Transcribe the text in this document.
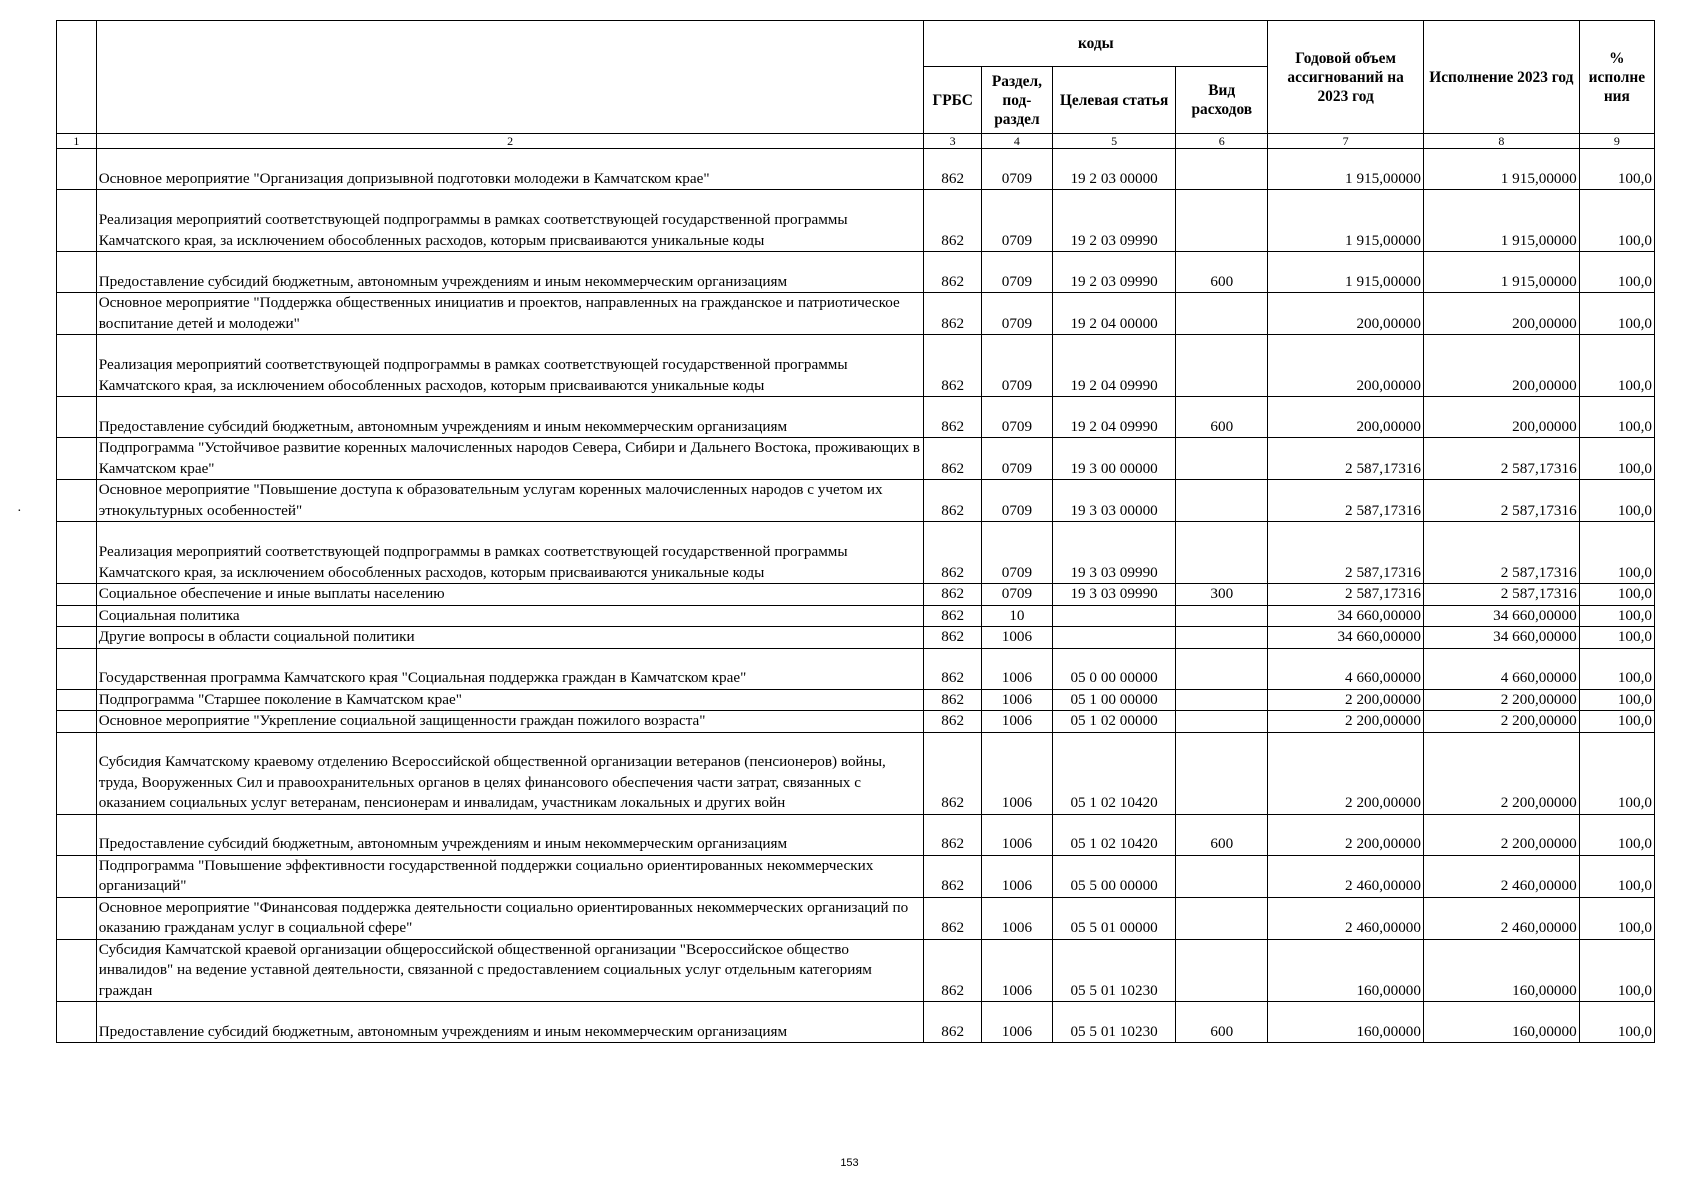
		коды				Годовой объем ассигнований на 2023 год	Исполнение 2023 год	% исполне ния
		ГРБС	Раздел, под-раздел	Целевая статья	Вид расходов			
1	2	3	4	5	6	7	8	9
	Основное мероприятие "Организация допризывной подготовки молодежи в Камчатском крае"	862	0709	19 2 03 00000		1 915,00000	1 915,00000	100,0
	Реализация мероприятий соответствующей подпрограммы в рамках соответствующей государственной программы Камчатского края, за исключением обособленных расходов, которым присваиваются уникальные коды	862	0709	19 2 03 09990		1 915,00000	1 915,00000	100,0
	Предоставление субсидий бюджетным, автономным учреждениям и иным некоммерческим организациям	862	0709	19 2 03 09990	600	1 915,00000	1 915,00000	100,0
	Основное мероприятие "Поддержка общественных инициатив и проектов, направленных на гражданское и патриотическое воспитание детей и молодежи"	862	0709	19 2 04 00000		200,00000	200,00000	100,0
	Реализация мероприятий соответствующей подпрограммы в рамках соответствующей государственной программы Камчатского края, за исключением обособленных расходов, которым присваиваются уникальные коды	862	0709	19 2 04 09990		200,00000	200,00000	100,0
	Предоставление субсидий бюджетным, автономным учреждениям и иным некоммерческим организациям	862	0709	19 2 04 09990	600	200,00000	200,00000	100,0
	Подпрограмма "Устойчивое развитие коренных малочисленных народов Севера, Сибири и Дальнего Востока, проживающих в Камчатском крае"	862	0709	19 3 00 00000		2 587,17316	2 587,17316	100,0
	Основное мероприятие "Повышение доступа к образовательным услугам коренных малочисленных народов с учетом их этнокультурных особенностей"	862	0709	19 3 03 00000		2 587,17316	2 587,17316	100,0
	Реализация мероприятий соответствующей подпрограммы в рамках соответствующей государственной программы Камчатского края, за исключением обособленных расходов, которым присваиваются уникальные коды	862	0709	19 3 03 09990		2 587,17316	2 587,17316	100,0
	Социальное обеспечение и иные выплаты населению	862	0709	19 3 03 09990	300	2 587,17316	2 587,17316	100,0
	Социальная политика	862	10			34 660,00000	34 660,00000	100,0
	Другие вопросы в области социальной политики	862	1006			34 660,00000	34 660,00000	100,0
	Государственная программа Камчатского края "Социальная поддержка граждан в Камчатском крае"	862	1006	05 0 00 00000		4 660,00000	4 660,00000	100,0
	Подпрограмма "Старшее поколение в Камчатском крае"	862	1006	05 1 00 00000		2 200,00000	2 200,00000	100,0
	Основное мероприятие "Укрепление социальной защищенности граждан пожилого возраста"	862	1006	05 1 02 00000		2 200,00000	2 200,00000	100,0
	Субсидия Камчатскому краевому отделению Всероссийской общественной организации ветеранов (пенсионеров) войны, труда, Вооруженных Сил и правоохранительных органов в целях финансового обеспечения части затрат, связанных с оказанием социальных услуг ветеранам, пенсионерам и инвалидам, участникам локальных и других войн	862	1006	05 1 02 10420		2 200,00000	2 200,00000	100,0
	Предоставление субсидий бюджетным, автономным учреждениям и иным некоммерческим организациям	862	1006	05 1 02 10420	600	2 200,00000	2 200,00000	100,0
	Подпрограмма "Повышение эффективности государственной поддержки социально ориентированных некоммерческих организаций"	862	1006	05 5 00 00000		2 460,00000	2 460,00000	100,0
	Основное мероприятие "Финансовая поддержка деятельности социально ориентированных некоммерческих организаций по оказанию гражданам услуг в социальной сфере"	862	1006	05 5 01 00000		2 460,00000	2 460,00000	100,0
	Субсидия Камчатской краевой организации общероссийской общественной организации "Всероссийское общество инвалидов" на ведение уставной деятельности, связанной с предоставлением социальных услуг отдельным категориям граждан	862	1006	05 5 01 10230		160,00000	160,00000	100,0
	Предоставление субсидий бюджетным, автономным учреждениям и иным некоммерческим организациям	862	1006	05 5 01 10230	600	160,00000	160,00000	100,0
·
153
